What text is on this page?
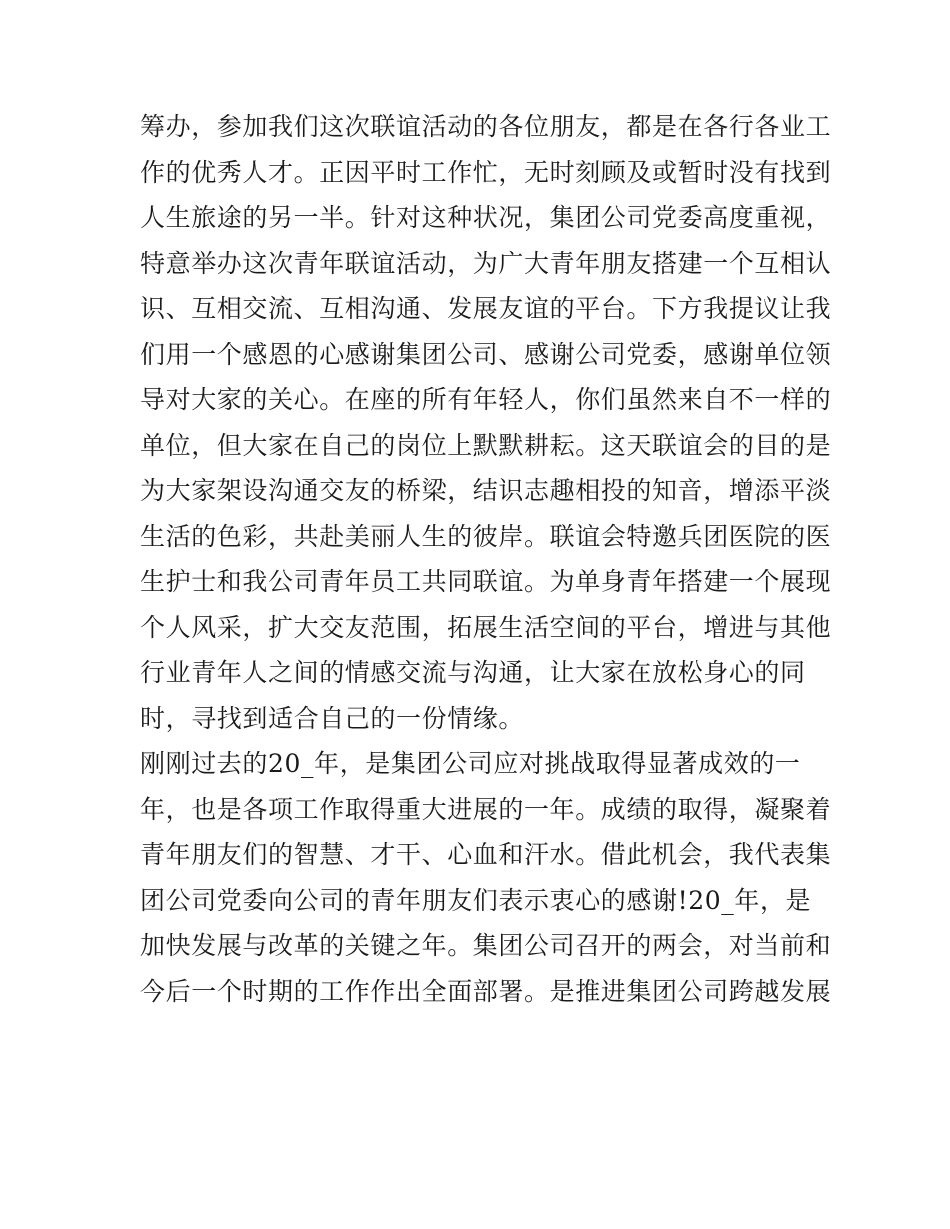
筹办，参加我们这次联谊活动的各位朋友，都是在各行各业工
作的优秀人才。正因平时工作忙，无时刻顾及或暂时没有找到
人生旅途的另一半。针对这种状况，集团公司党委高度重视，
特意举办这次青年联谊活动，为广大青年朋友搭建一个互相认
识、互相交流、互相沟通、发展友谊的平台。下方我提议让我
们用一个感恩的心感谢集团公司、感谢公司党委，感谢单位领
导对大家的关心。在座的所有年轻人，你们虽然来自不一样的
单位，但大家在自己的岗位上默默耕耘。这天联谊会的目的是
为大家架设沟通交友的桥梁，结识志趣相投的知音，增添平淡
生活的色彩，共赴美丽人生的彼岸。联谊会特邀兵团医院的医
生护士和我公司青年员工共同联谊。为单身青年搭建一个展现
个人风采，扩大交友范围，拓展生活空间的平台，增进与其他
行业青年人之间的情感交流与沟通，让大家在放松身心的同
时，寻找到适合自己的一份情缘。
刚刚过去的20_年，是集团公司应对挑战取得显著成效的一
年，也是各项工作取得重大进展的一年。成绩的取得，凝聚着
青年朋友们的智慧、才干、心血和汗水。借此机会，我代表集
团公司党委向公司的青年朋友们表示衷心的感谢!20_年，是
加快发展与改革的关键之年。集团公司召开的两会，对当前和
今后一个时期的工作作出全面部署。是推进集团公司跨越发展
